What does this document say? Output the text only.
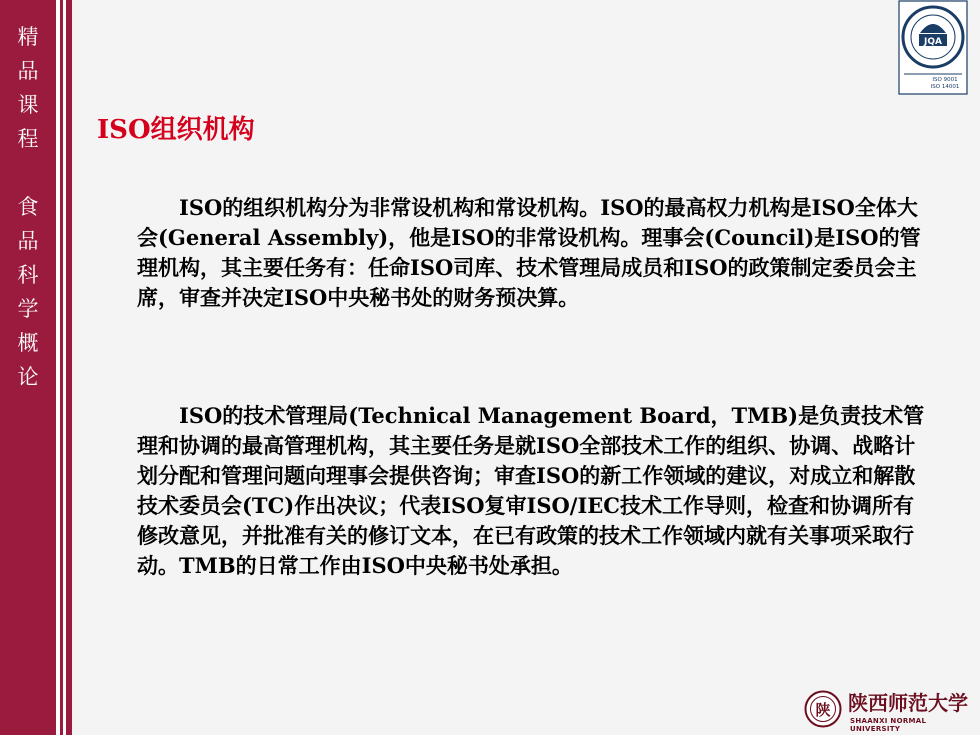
精
品
课
程

食
品
科
学
概
论

JQA
ISO 9001
ISO 14001
ISO组织机构

ISO的组织机构分为非常设机构和常设机构。ISO的最高权力机构是ISO全体大会(General Assembly)，他是ISO的非常设机构。理事会(Council)是ISO的管理机构，其主要任务有：任命ISO司库、技术管理局成员和ISO的政策制定委员会主席，审查并决定ISO中央秘书处的财务预决算。

ISO的技术管理局(Technical Management Board，TMB)是负责技术管理和协调的最高管理机构，其主要任务是就ISO全部技术工作的组织、协调、战略计划分配和管理问题向理事会提供咨询；审查ISO的新工作领域的建议，对成立和解散技术委员会(TC)作出决议；代表ISO复审ISO/IEC技术工作导则，检查和协调所有修改意见，并批准有关的修订文本，在已有政策的技术工作领域内就有关事项采取行动。TMB的日常工作由ISO中央秘书处承担。

陕 陕西师范大学

SHAANXI NORMAL UNIVERSITY
